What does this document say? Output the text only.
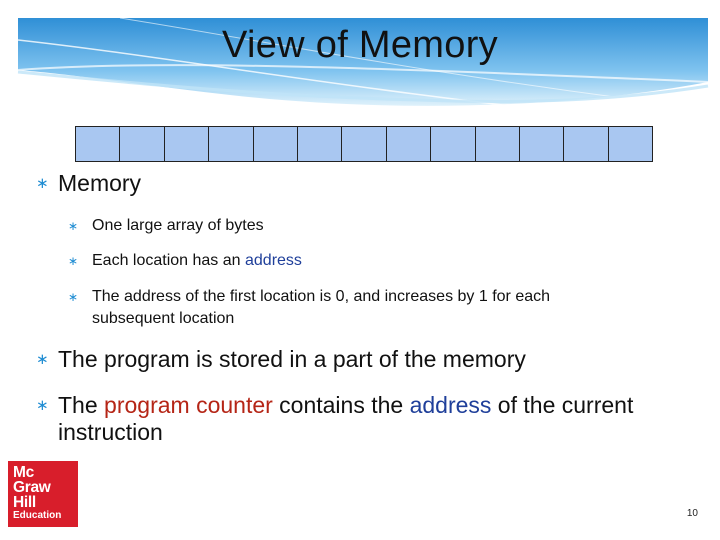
View of Memory
∗ Memory
∗ One large array of bytes
∗ Each location has an address
∗ The address of the first location is 0, and increases by 1 for each subsequent location
∗ The program is stored in a part of the memory
∗ The program counter contains the address of the current instruction
Mc
Graw
Hill
Education	10
